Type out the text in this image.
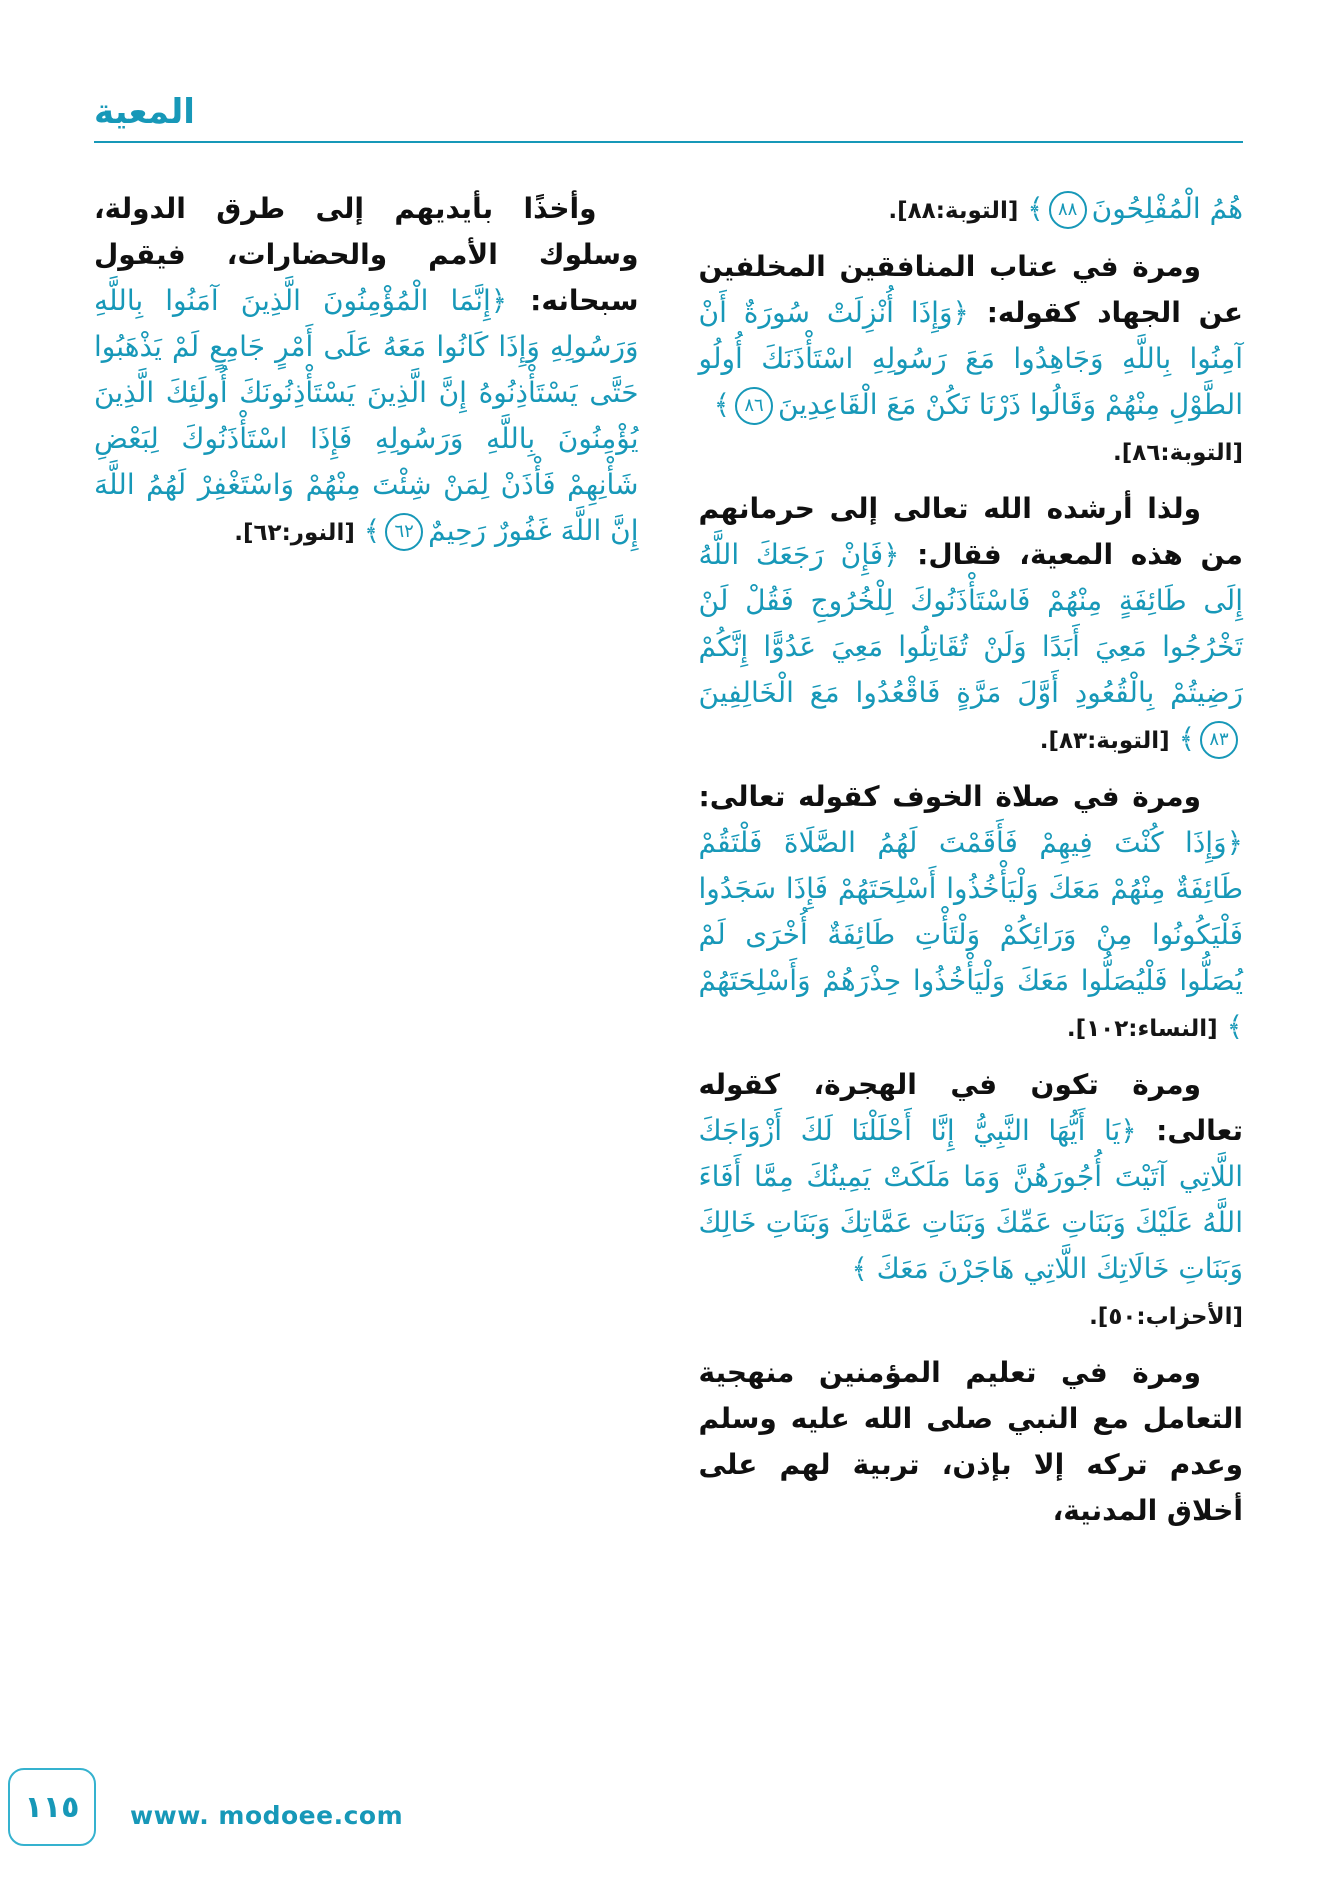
المعية

هُمُ الْمُفْلِحُونَ٨٨﴾ [التوبة:٨٨].

ومرة في عتاب المنافقين المخلفين عن الجهاد كقوله: ﴿وَإِذَا أُنْزِلَتْ سُورَةٌ أَنْ آمِنُوا بِاللَّهِ وَجَاهِدُوا مَعَ رَسُولِهِ اسْتَأْذَنَكَ أُولُو الطَّوْلِ مِنْهُمْ وَقَالُوا ذَرْنَا نَكُنْ مَعَ الْقَاعِدِينَ٨٦﴾
[التوبة:٨٦].

ولذا أرشده الله تعالى إلى حرمانهم من هذه المعية، فقال: ﴿فَإِنْ رَجَعَكَ اللَّهُ إِلَى طَائِفَةٍ مِنْهُمْ فَاسْتَأْذَنُوكَ لِلْخُرُوجِ فَقُلْ لَنْ تَخْرُجُوا مَعِيَ أَبَدًا وَلَنْ تُقَاتِلُوا مَعِيَ عَدُوًّا إِنَّكُمْ رَضِيتُمْ بِالْقُعُودِ أَوَّلَ مَرَّةٍ فَاقْعُدُوا مَعَ الْخَالِفِينَ٨٣﴾ [التوبة:٨٣].

ومرة في صلاة الخوف كقوله تعالى: ﴿وَإِذَا كُنْتَ فِيهِمْ فَأَقَمْتَ لَهُمُ الصَّلَاةَ فَلْتَقُمْ طَائِفَةٌ مِنْهُمْ مَعَكَ وَلْيَأْخُذُوا أَسْلِحَتَهُمْ فَإِذَا سَجَدُوا فَلْيَكُونُوا مِنْ وَرَائِكُمْ وَلْتَأْتِ طَائِفَةٌ أُخْرَى لَمْ يُصَلُّوا فَلْيُصَلُّوا مَعَكَ وَلْيَأْخُذُوا حِذْرَهُمْ وَأَسْلِحَتَهُمْ ﴾ [النساء:١٠٢].

ومرة تكون في الهجرة، كقوله تعالى: ﴿يَا أَيُّهَا النَّبِيُّ إِنَّا أَحْلَلْنَا لَكَ أَزْوَاجَكَ اللَّاتِي آتَيْتَ أُجُورَهُنَّ وَمَا مَلَكَتْ يَمِينُكَ مِمَّا أَفَاءَ اللَّهُ عَلَيْكَ وَبَنَاتِ عَمِّكَ وَبَنَاتِ عَمَّاتِكَ وَبَنَاتِ خَالِكَ وَبَنَاتِ خَالَاتِكَ اللَّاتِي هَاجَرْنَ مَعَكَ ﴾
[الأحزاب:٥٠].

ومرة في تعليم المؤمنين منهجية التعامل مع النبي صلى الله عليه وسلم وعدم تركه إلا بإذن، تربية لهم على أخلاق المدنية،

وأخذًا بأيديهم إلى طرق الدولة، وسلوك الأمم والحضارات، فيقول سبحانه: ﴿إِنَّمَا الْمُؤْمِنُونَ الَّذِينَ آمَنُوا بِاللَّهِ وَرَسُولِهِ وَإِذَا كَانُوا مَعَهُ عَلَى أَمْرٍ جَامِعٍ لَمْ يَذْهَبُوا حَتَّى يَسْتَأْذِنُوهُ إِنَّ الَّذِينَ يَسْتَأْذِنُونَكَ أُولَئِكَ الَّذِينَ يُؤْمِنُونَ بِاللَّهِ وَرَسُولِهِ فَإِذَا اسْتَأْذَنُوكَ لِبَعْضِ شَأْنِهِمْ فَأْذَنْ لِمَنْ شِئْتَ مِنْهُمْ وَاسْتَغْفِرْ لَهُمُ اللَّهَ إِنَّ اللَّهَ غَفُورٌ رَحِيمٌ٦٢﴾ [النور:٦٢].

١١٥ www. modoee.com
